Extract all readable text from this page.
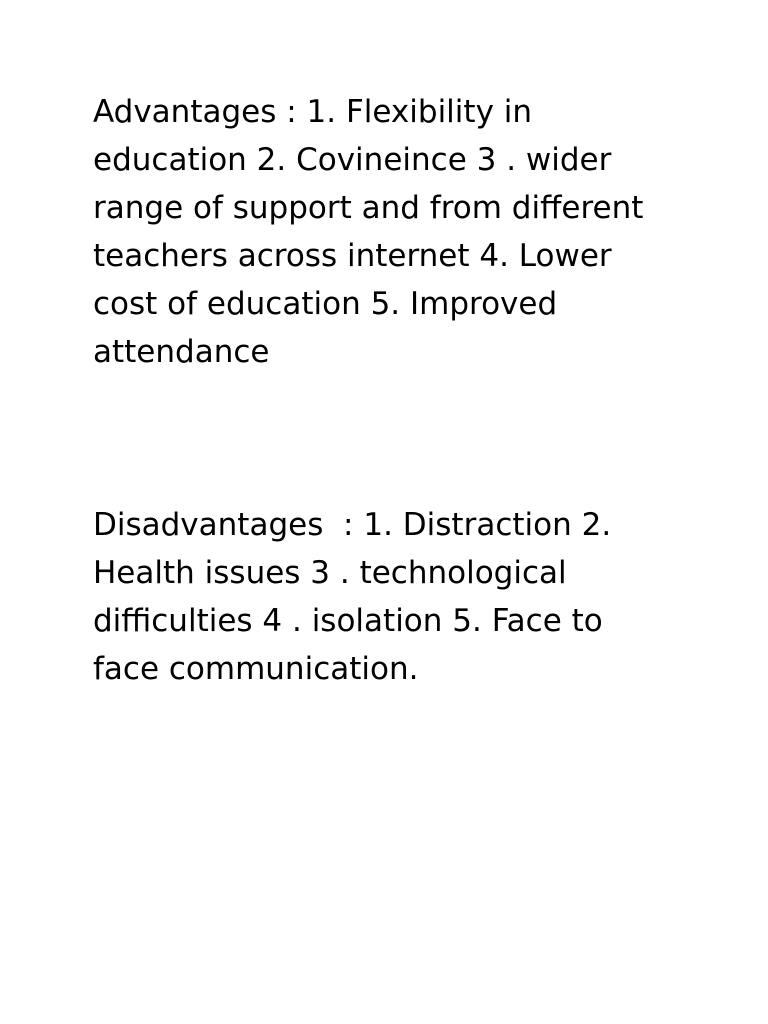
Advantages : 1. Flexibility in education 2. Covineince 3 . wider range of support and from different teachers across internet 4. Lower cost of education 5. Improved attendance

Disadvantages  : 1. Distraction 2. Health issues 3 . technological difficulties 4 . isolation 5. Face to face communication.
